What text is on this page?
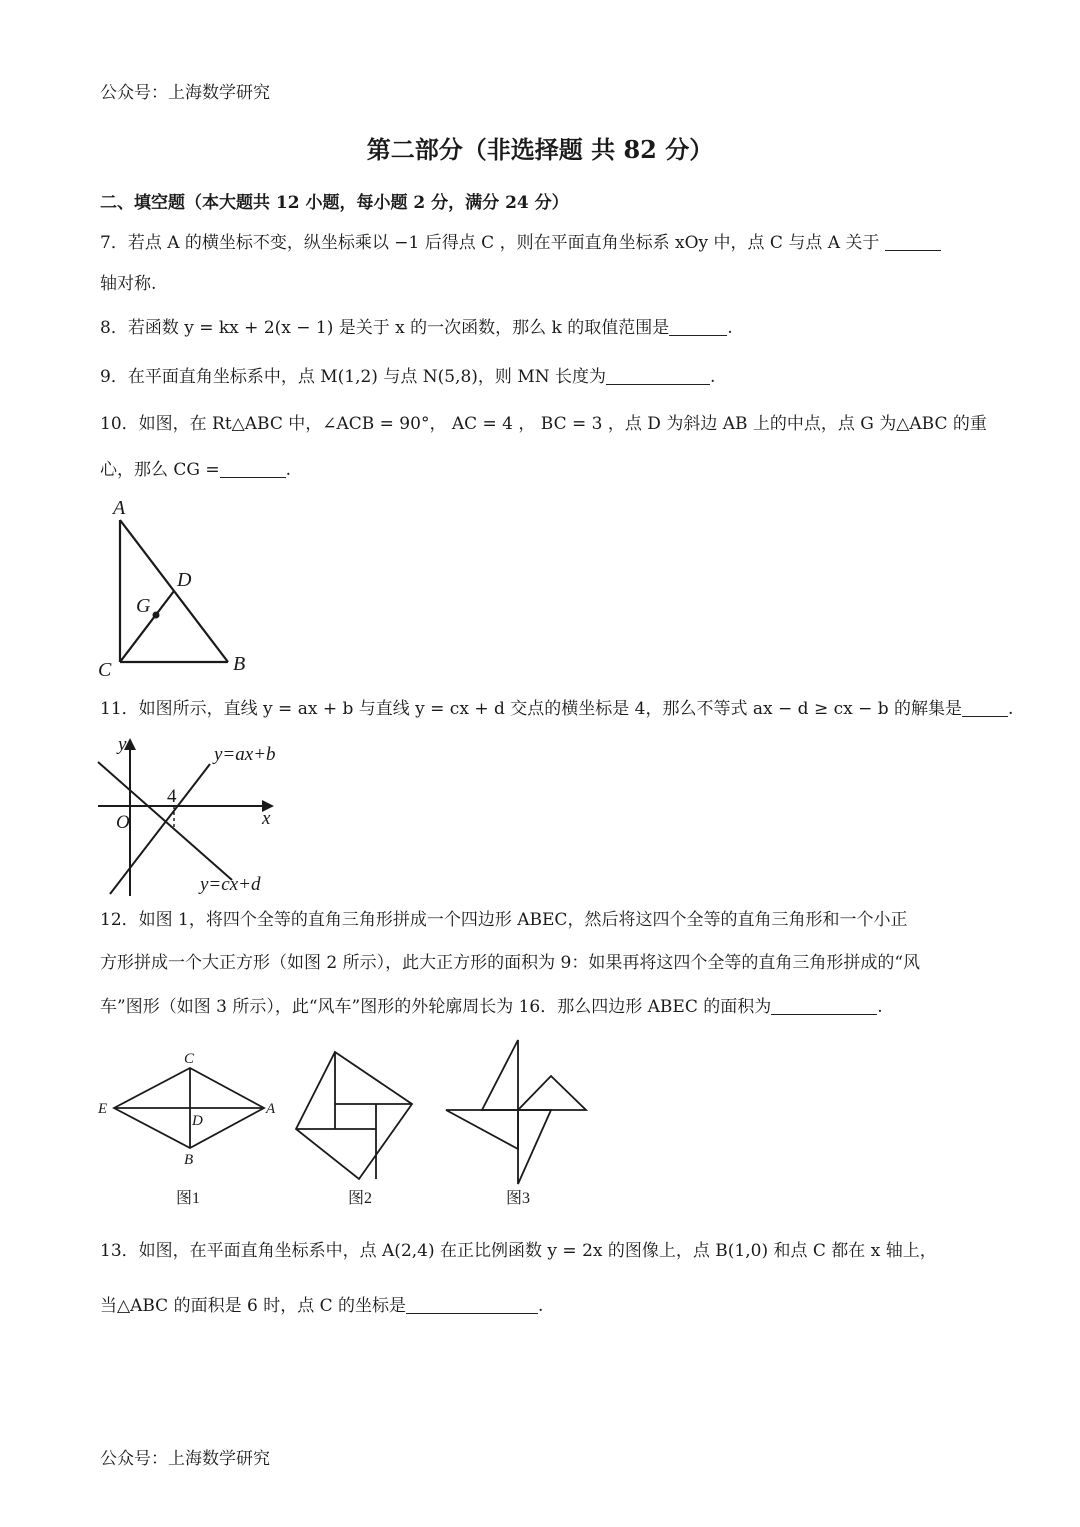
公众号：上海数学研究
第二部分（非选择题 共 82 分）
二、填空题（本大题共 12 小题，每小题 2 分，满分 24 分）
7．若点 A 的横坐标不变，纵坐标乘以 −1 后得点 C ，则在平面直角坐标系 xOy 中，点 C 与点 A 关于
轴对称.
8．若函数 y = kx + 2(x − 1) 是关于 x 的一次函数，那么 k 的取值范围是	.
9．在平面直角坐标系中，点 M(1,2) 与点 N(5,8)，则 MN 长度为	.
10．如图，在 Rt△ABC 中，∠ACB = 90°， AC = 4 ， BC = 3 ，点 D 为斜边 AB 上的中点，点 G 为△ABC 的重
心，那么 CG =	.
A
B
C
D
G
11．如图所示，直线 y = ax + b 与直线 y = cx + d 交点的横坐标是 4，那么不等式 ax − d ≥ cx − b 的解集是	.
y
x
O
4
y=ax+b
y=cx+d
12．如图 1，将四个全等的直角三角形拼成一个四边形 ABEC，然后将这四个全等的直角三角形和一个小正
方形拼成一个大正方形（如图 2 所示），此大正方形的面积为 9：如果再将这四个全等的直角三角形拼成的“风
车”图形（如图 3 所示），此“风车”图形的外轮廓周长为 16．那么四边形 ABEC 的面积为	.
C
E
D
A
B
图1	图2	图3
13．如图，在平面直角坐标系中，点 A(2,4) 在正比例函数 y = 2x 的图像上，点 B(1,0) 和点 C 都在 x 轴上，
当△ABC 的面积是 6 时，点 C 的坐标是	.
公众号：上海数学研究
